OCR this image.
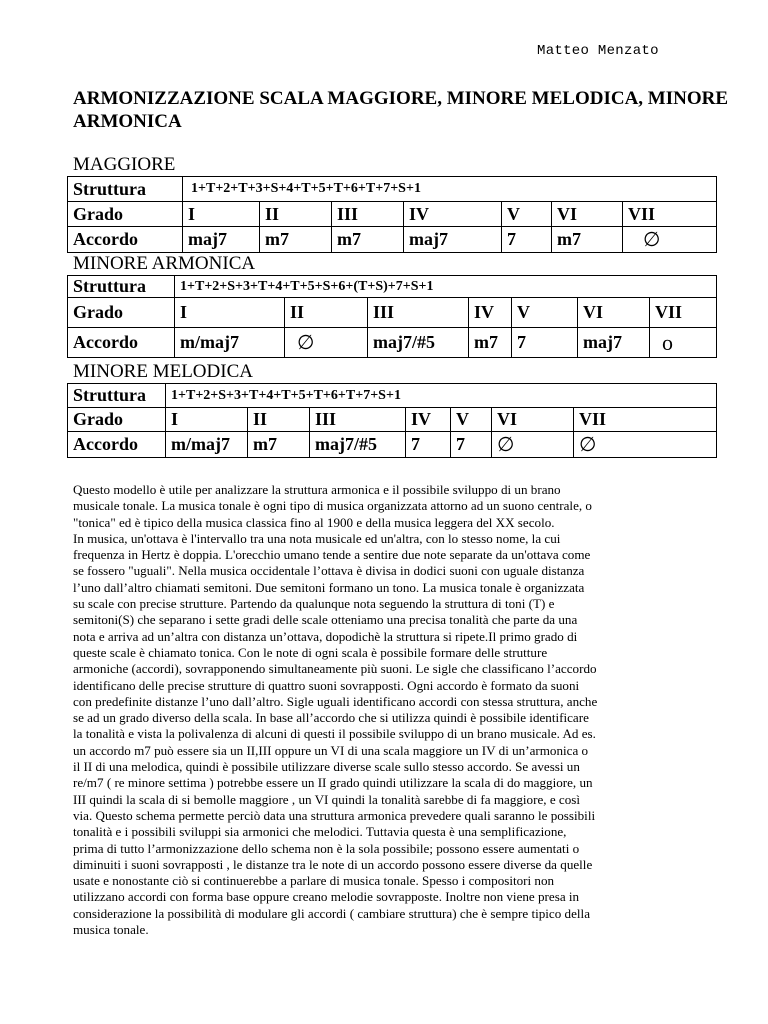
Matteo Menzato
ARMONIZZAZIONE SCALA MAGGIORE, MINORE MELODICA, MINORE ARMONICA
MAGGIORE
Struttura	1+T+2+T+3+S+4+T+5+T+6+T+7+S+1						
Grado	I	II	III	IV	V	VI	VII
Accordo	maj7	m7	m7	maj7	7	m7	∅
MINORE ARMONICA
Struttura	1+T+2+S+3+T+4+T+5+S+6+(T+S)+7+S+1						
Grado	I	II	III	IV	V	VI	VII
Accordo	m/maj7	∅	maj7/#5	m7	7	maj7	o
MINORE MELODICA
Struttura	1+T+2+S+3+T+4+T+5+T+6+T+7+S+1						
Grado	I	II	III	IV	V	VI	VII
Accordo	m/maj7	m7	maj7/#5	7	7	∅	∅

Questo modello è utile per analizzare la struttura armonica e il possibile sviluppo di un brano

musicale tonale. La musica tonale è ogni tipo di musica organizzata attorno ad un suono centrale, o

"tonica" ed è tipico della musica classica fino al 1900 e della musica leggera del XX secolo.

In musica, un'ottava è l'intervallo tra una nota musicale ed un'altra, con lo stesso nome, la cui

frequenza in Hertz è doppia. L'orecchio umano tende a sentire due note separate da un'ottava come

se fossero "uguali". Nella musica occidentale l’ottava è divisa in dodici suoni con uguale distanza

l’uno dall’altro chiamati semitoni. Due semitoni formano un tono. La musica tonale è organizzata

su scale con precise strutture. Partendo da qualunque nota seguendo la struttura di toni (T) e

semitoni(S) che separano i sette gradi delle scale otteniamo una precisa tonalità che parte da una

nota e arriva ad un’altra con distanza un’ottava, dopodichè la struttura si ripete.Il primo grado di

queste scale è chiamato tonica. Con le note di ogni scala è possibile formare delle strutture

armoniche (accordi), sovrapponendo simultaneamente più suoni. Le sigle che classificano l’accordo

identificano delle precise strutture di quattro suoni sovrapposti. Ogni accordo è formato da suoni

con predefinite distanze l’uno dall’altro. Sigle uguali identificano accordi con stessa struttura, anche

se ad un grado diverso della scala. In base all’accordo che si utilizza quindi è possibile identificare

la tonalità e vista la polivalenza di alcuni di questi il possibile sviluppo di un brano musicale. Ad es.

un accordo m7 può essere sia un II,III oppure un VI di una scala maggiore un IV di un’armonica o

il II di una melodica, quindi è possibile utilizzare diverse scale sullo stesso accordo. Se avessi un

re/m7 ( re minore settima ) potrebbe essere un II grado quindi utilizzare la scala di do maggiore, un

III quindi la scala di si bemolle maggiore , un VI quindi la tonalità sarebbe di fa maggiore, e così

via. Questo schema permette perciò data una struttura armonica prevedere quali saranno le possibili

tonalità e i possibili sviluppi sia armonici che melodici. Tuttavia questa è una semplificazione,

prima di tutto l’armonizzazione dello schema non è la sola possibile; possono essere aumentati o

diminuiti i suoni sovrapposti , le distanze tra le note di un accordo possono essere diverse da quelle

usate e nonostante ciò si continuerebbe a parlare di musica tonale. Spesso i compositori non

utilizzano accordi con forma base oppure creano melodie sovrapposte. Inoltre non viene presa in

considerazione la possibilità di modulare gli accordi ( cambiare struttura) che è sempre tipico della

musica tonale.
